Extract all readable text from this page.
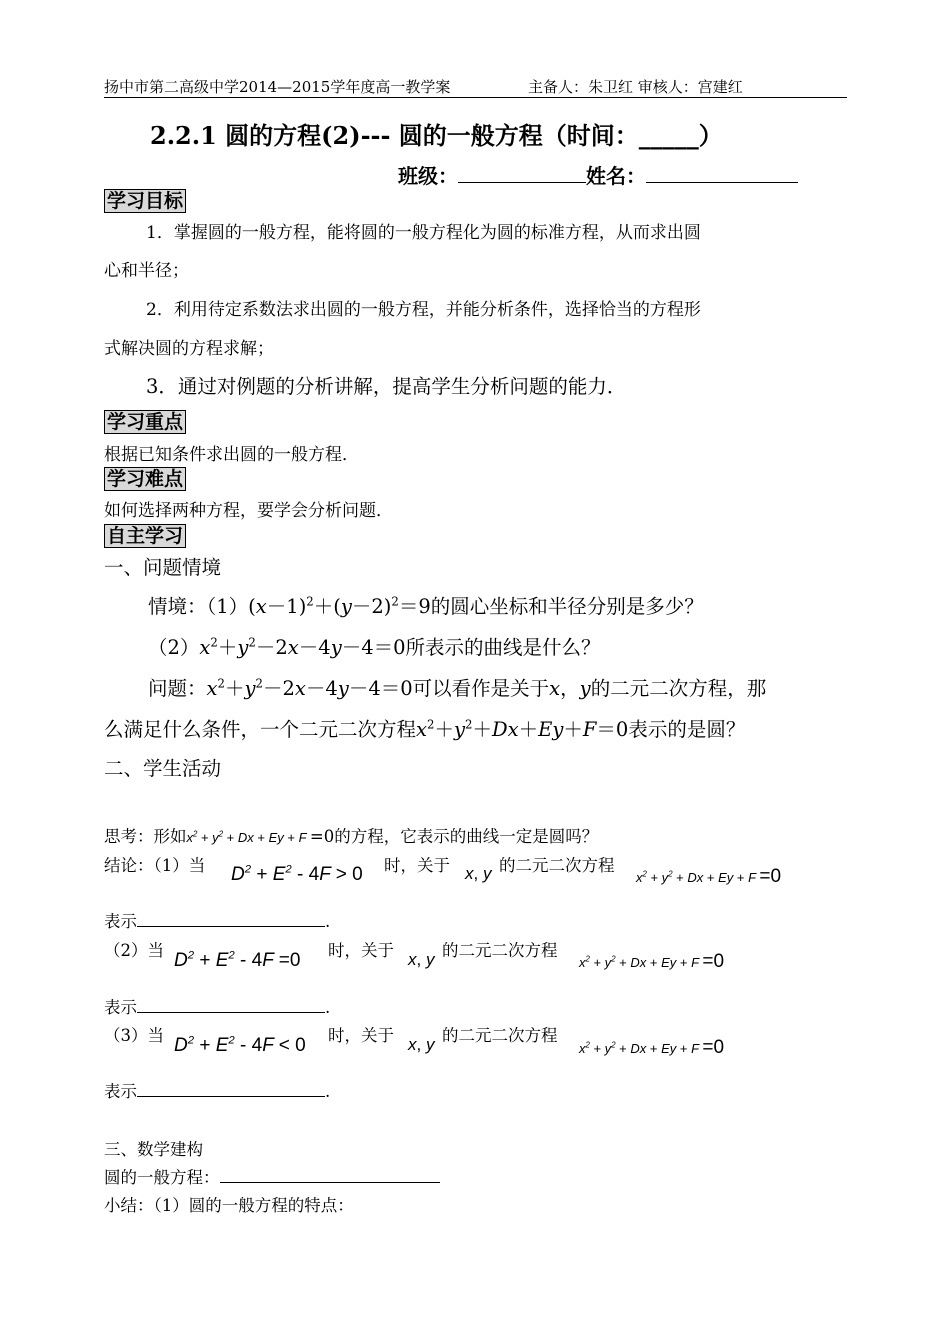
扬中市第二高级中学2014—2015学年度高一教学案	主备人：朱卫红 审核人：宫建红
2.2.1 圆的方程(2)--- 圆的一般方程（时间：_____）
班级：	姓名：
学习目标
1．掌握圆的一般方程，能将圆的一般方程化为圆的标准方程，从而求出圆
心和半径；
2．利用待定系数法求出圆的一般方程，并能分析条件，选择恰当的方程形
式解决圆的方程求解；
3．通过对例题的分析讲解，提高学生分析问题的能力．
学习重点
根据已知条件求出圆的一般方程．
学习难点
如何选择两种方程，要学会分析问题．
自主学习
一、问题情境
情境：$(1)(x-1)^2+(y-2)^2=9$的圆心坐标和半径分别是多少？
$(2)x^2+y^2-2x-4y-4=0$所表示的曲线是什么？
问题：$x^2+y^2-2x-4y-4=0$可以看作是关于x，y的二元二次方程，那
么满足什么条件，一个二元二次方程$x^2+y^2+Dx+Ey+F=0$表示的是圆？
二、学生活动
思考：形如$x^2 + y^2 + Dx + Ey + F =0$的方程，它表示的曲线一定是圆吗？
结论：（1）当 $D^2 + E^2 - 4F > 0$ 时，关于 x, y 的二元二次方程
$x^2 + y^2 + Dx + Ey + F =0$
表示	.
（2）当 $D^2 + E^2 - 4F =0$ 时，关于 x, y 的二元二次方程
$x^2 + y^2 + Dx + Ey + F =0$
表示	.
（3）当 $D^2 + E^2 - 4F < 0$ 时，关于 x, y 的二元二次方程
$x^2 + y^2 + Dx + Ey + F =0$
表示	.
三、数学建构
圆的一般方程：
小结：（1）圆的一般方程的特点：
